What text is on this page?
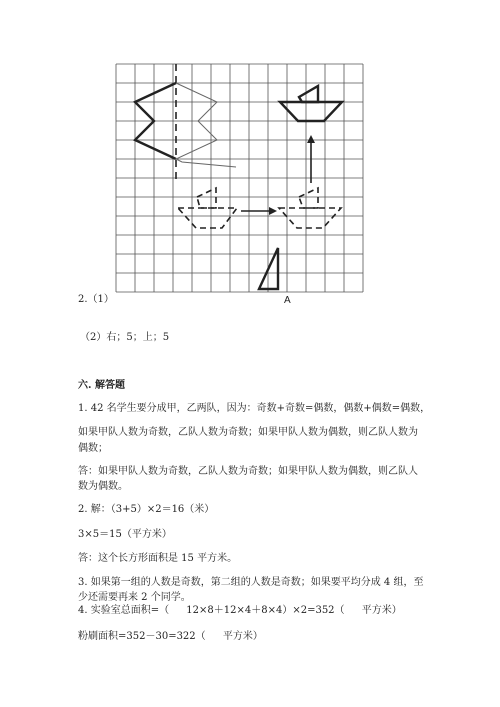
A
2.（1）
（2）右；5；上；5
六. 解答题
1. 42 名学生要分成甲，乙两队，因为：奇数+奇数=偶数，偶数+偶数=偶数，
如果甲队人数为奇数，乙队人数为奇数；如果甲队人数为偶数，则乙队人数为
偶数；
答：如果甲队人数为奇数，乙队人数为奇数；如果甲队人数为偶数，则乙队人
数为偶数。
2. 解：（3+5）×2＝16（米）
3×5＝15（平方米）
答：这个长方形面积是 15 平方米。
3. 如果第一组的人数是奇数，第二组的人数是奇数；如果要平均分成 4 组，至
少还需要再来 2 个同学。
4. 实验室总面积=（ 12×8＋12×4＋8×4）×2=352（ 平方米）
粉刷面积=352－30=322（ 平方米）
